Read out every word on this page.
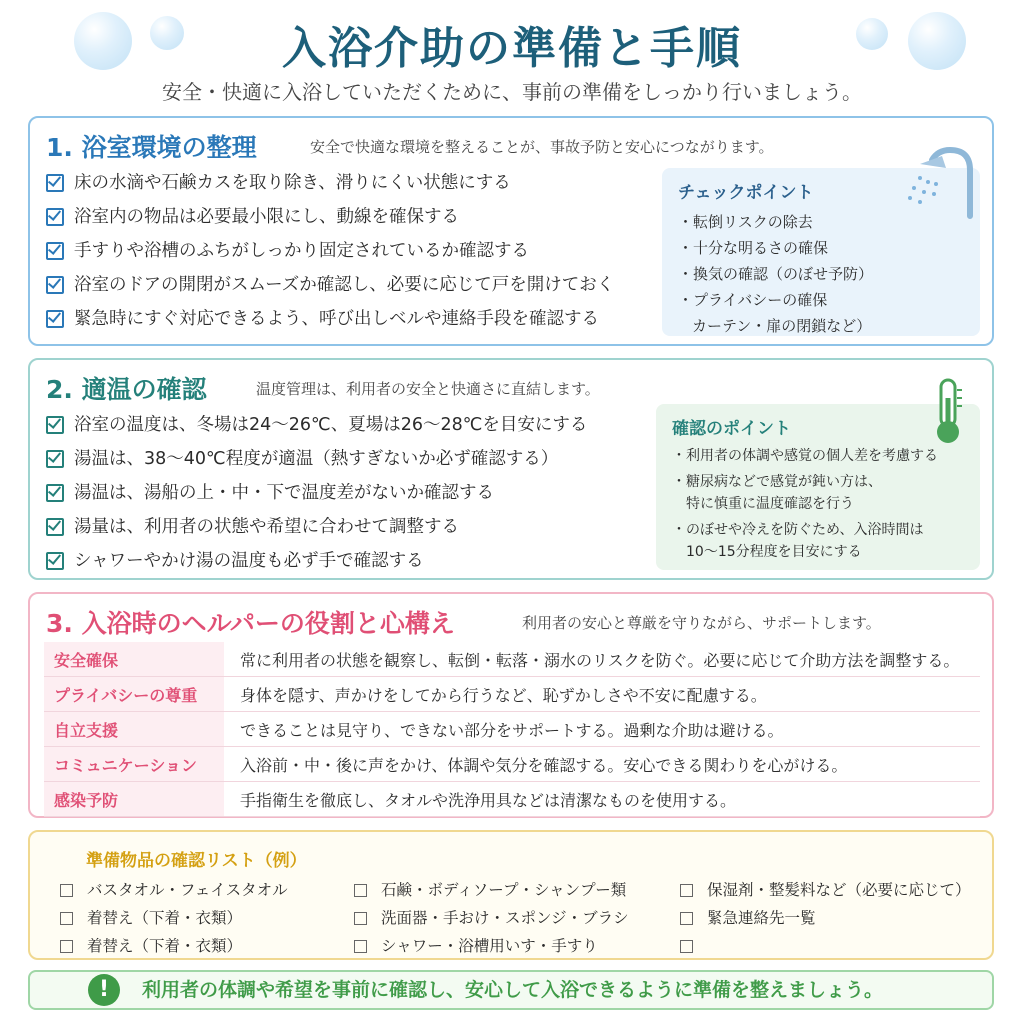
入浴介助の準備と手順
安全・快適に入浴していただくために、事前の準備をしっかり行いましょう。
1. 浴室環境の整理	安全で快適な環境を整えることが、事故予防と安心につながります。
床の水滴や石鹸カスを取り除き、滑りにくい状態にする
浴室内の物品は必要最小限にし、動線を確保する
手すりや浴槽のふちがしっかり固定されているか確認する
浴室のドアの開閉がスムーズか確認し、必要に応じて戸を開けておく
緊急時にすぐ対応できるよう、呼び出しベルや連絡手段を確認する
チェックポイント
・転倒リスクの除去
・十分な明るさの確保
・換気の確認（のぼせ予防）
・プライバシーの確保
カーテン・扉の閉鎖など）
2. 適温の確認	温度管理は、利用者の安全と快適さに直結します。
浴室の温度は、冬場は24～26℃、夏場は26～28℃を目安にする
湯温は、38～40℃程度が適温（熱すぎないか必ず確認する）
湯温は、湯船の上・中・下で温度差がないか確認する
湯量は、利用者の状態や希望に合わせて調整する
シャワーやかけ湯の温度も必ず手で確認する
確認のポイント
・利用者の体調や感覚の個人差を考慮する
・糖尿病などで感覚が鈍い方は、
特に慎重に温度確認を行う
・のぼせや冷えを防ぐため、入浴時間は
10～15分程度を目安にする
3. 入浴時のヘルパーの役割と心構え	利用者の安心と尊厳を守りながら、サポートします。
安全確保	常に利用者の状態を観察し、転倒・転落・溺水のリスクを防ぐ。必要に応じて介助方法を調整する。
プライバシーの尊重	身体を隠す、声かけをしてから行うなど、恥ずかしさや不安に配慮する。
自立支援	できることは見守り、できない部分をサポートする。過剰な介助は避ける。
コミュニケーション	入浴前・中・後に声をかけ、体調や気分を確認する。安心できる関わりを心がける。
感染予防	手指衛生を徹底し、タオルや洗浄用具などは清潔なものを使用する。
準備物品の確認リスト（例）
バスタオル・フェイスタオル
着替え（下着・衣類）
着替え（下着・衣類）
石鹸・ボディソープ・シャンプー類
洗面器・手おけ・スポンジ・ブラシ
シャワー・浴槽用いす・手すり
保湿剤・整髪料など（必要に応じて）
緊急連絡先一覧
!	利用者の体調や希望を事前に確認し、安心して入浴できるように準備を整えましょう。
